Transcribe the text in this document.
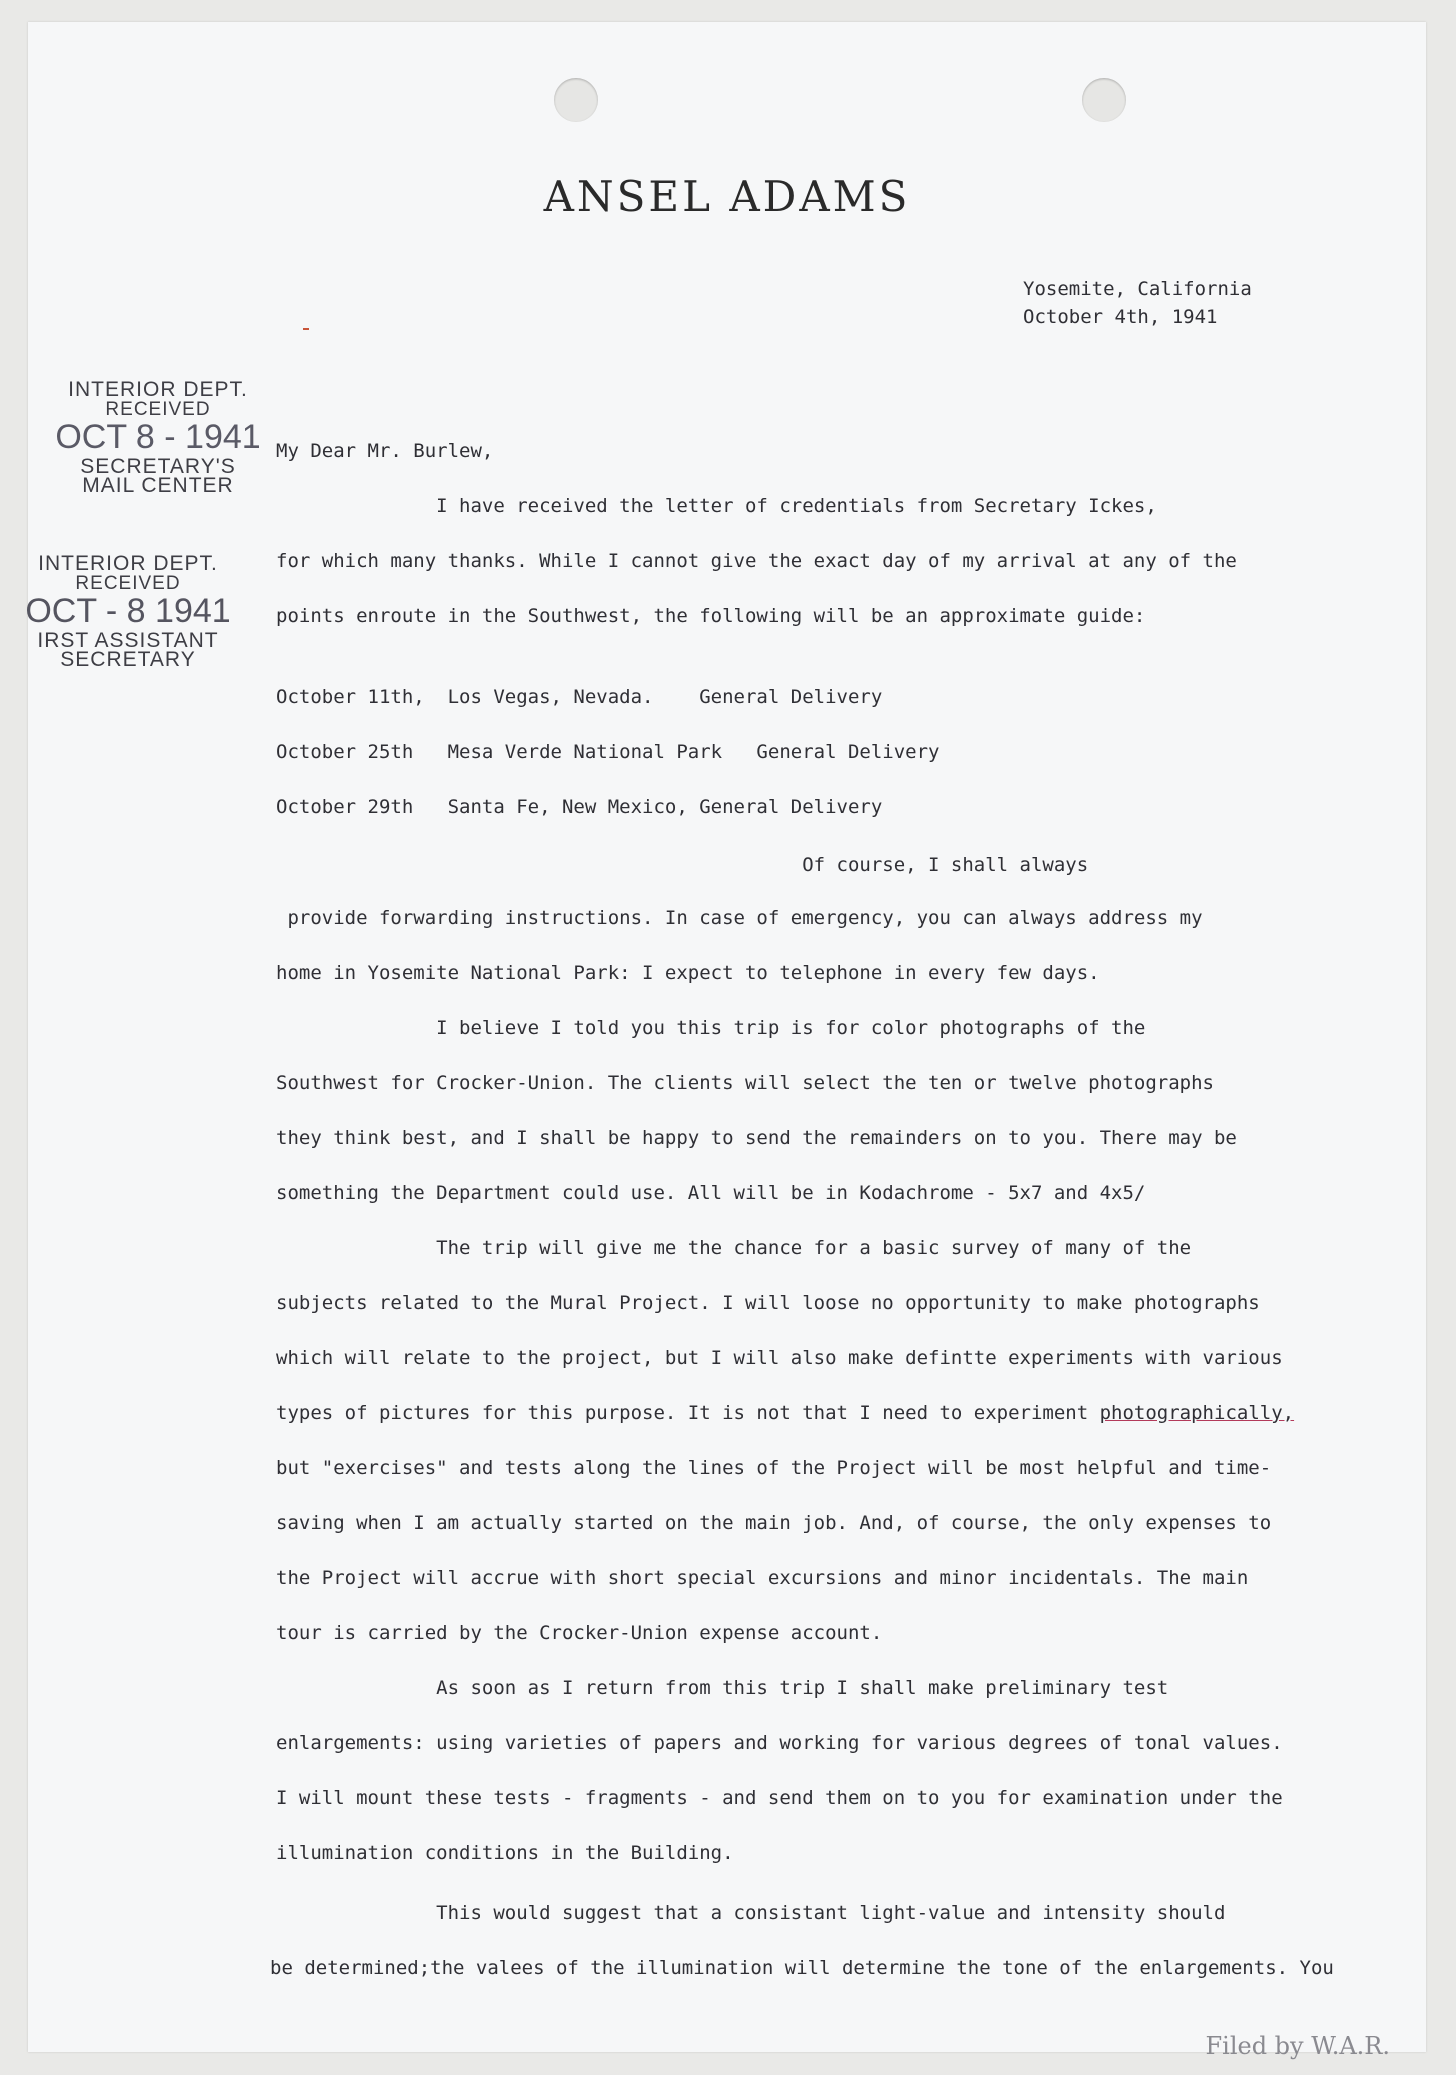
ANSEL ADAMS
Yosemite, California
October 4th, 1941
INTERIOR DEPT.
RECEIVED
OCT 8 - 1941
SECRETARY'S
MAIL CENTER
INTERIOR DEPT.
RECEIVED
OCT - 8 1941
IRST ASSISTANT
SECRETARY
My Dear Mr. Burlew,
I have received the letter of credentials from Secretary Ickes,
for which many thanks. While I cannot give the exact day of my arrival at any of the
points enroute in the Southwest, the following will be an approximate guide:
October 11th,  Los Vegas, Nevada.    General Delivery
October 25th   Mesa Verde National Park   General Delivery
October 29th   Santa Fe, New Mexico, General Delivery
Of course, I shall always
provide forwarding instructions. In case of emergency, you can always address my
home in Yosemite National Park: I expect to telephone in every few days.
I believe I told you this trip is for color photographs of the
Southwest for Crocker-Union. The clients will select the ten or twelve photographs
they think best, and I shall be happy to send the remainders on to you. There may be
something the Department could use. All will be in Kodachrome - 5x7 and 4x5/
The trip will give me the chance for a basic survey of many of the
subjects related to the Mural Project. I will loose no opportunity to make photographs
which will relate to the project, but I will also make defintte experiments with various
types of pictures for this purpose. It is not that I need to experiment photographically,
but "exercises" and tests along the lines of the Project will be most helpful and time-
saving when I am actually started on the main job. And, of course, the only expenses to
the Project will accrue with short special excursions and minor incidentals. The main
tour is carried by the Crocker-Union expense account.
As soon as I return from this trip I shall make preliminary test
enlargements: using varieties of papers and working for various degrees of tonal values.
I will mount these tests - fragments - and send them on to you for examination under the
illumination conditions in the Building.
This would suggest that a consistant light-value and intensity should
be determined;the valees of the illumination will determine the tone of the enlargements. You
Filed by W.A.R.
